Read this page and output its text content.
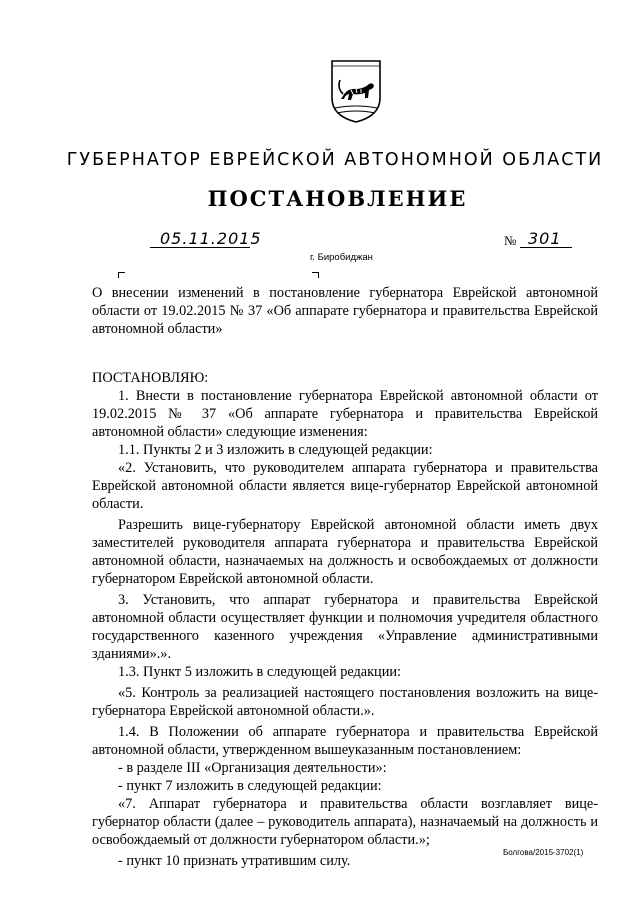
ГУБЕРНАТОР ЕВРЕЙСКОЙ АВТОНОМНОЙ ОБЛАСТИ
ПОСТАНОВЛЕНИЕ
05.11.2015	№ 301
г. Биробиджан
О внесении изменений в постановление губернатора Еврейской автономной области от 19.02.2015 № 37 «Об аппарате губернатора и правительства Еврейской автономной области»

ПОСТАНОВЛЯЮ:

1. Внести в постановление губернатора Еврейской автономной области от 19.02.2015 № 37 «Об аппарате губернатора и правительства Еврейской автономной области» следующие изменения:

1.1. Пункты 2 и 3 изложить в следующей редакции:

«2. Установить, что руководителем аппарата губернатора и правительства Еврейской автономной области является вице-губернатор Еврейской автономной области.

Разрешить вице-губернатору Еврейской автономной области иметь двух заместителей руководителя аппарата губернатора и правительства Еврейской автономной области, назначаемых на должность и освобождаемых от должности губернатором Еврейской автономной области.

3. Установить, что аппарат губернатора и правительства Еврейской автономной области осуществляет функции и полномочия учредителя областного государственного казенного учреждения «Управление административными зданиями».».

1.3. Пункт 5 изложить в следующей редакции:

«5. Контроль за реализацией настоящего постановления возложить на вице-губернатора Еврейской автономной области.».

1.4. В Положении об аппарате губернатора и правительства Еврейской автономной области, утвержденном вышеуказанным постановлением:

- в разделе III «Организация деятельности»:

- пункт 7 изложить в следующей редакции:

«7. Аппарат губернатора и правительства области возглавляет вице-губернатор области (далее – руководитель аппарата), назначаемый на должность и освобождаемый от должности губернатором области.»;

- пункт 10 признать утратившим силу.

Болгова/2015-3702(1)
